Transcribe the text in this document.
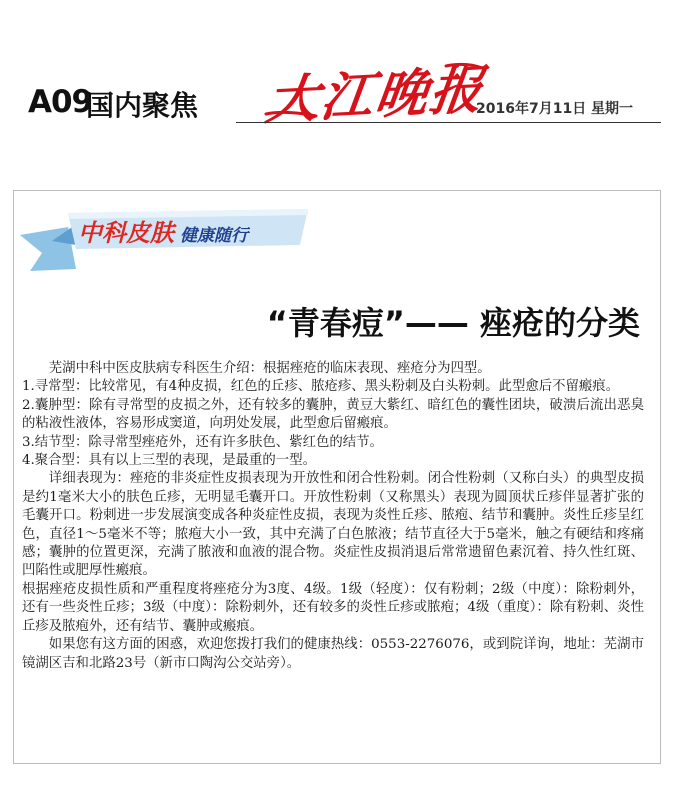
A09
国内聚焦 大江晚报
2016年7月11日 星期一
中科皮肤 健康随行
“青春痘”—— 痤疮的分类

芜湖中科中医皮肤病专科医生介绍：根据痤疮的临床表现、痤疮分为四型。

1.寻常型：比较常见，有4种皮损，红色的丘疹、脓疮疹、黑头粉刺及白头粉刺。此型愈后不留瘢痕。

2.囊肿型：除有寻常型的皮损之外，还有较多的囊肿，黄豆大紫红、暗红色的囊性团块，破溃后流出恶臭的粘液性液体，容易形成窦道，向玥处发展，此型愈后留瘢痕。

3.结节型：除寻常型痤疮外，还有许多肤色、紫红色的结节。

4.聚合型：具有以上三型的表现，是最重的一型。

详细表现为：痤疮的非炎症性皮损表现为开放性和闭合性粉刺。闭合性粉刺（又称白头）的典型皮损是约1毫米大小的肤色丘疹，无明显毛囊开口。开放性粉刺（又称黑头）表现为圆顶状丘疹伴显著扩张的毛囊开口。粉刺进一步发展演变成各种炎症性皮损，表现为炎性丘疹、脓疱、结节和囊肿。炎性丘疹呈红色，直径1～5毫米不等；脓疱大小一致，其中充满了白色脓液；结节直径大于5毫米，触之有硬结和疼痛感；囊肿的位置更深，充满了脓液和血液的混合物。炎症性皮损消退后常常遗留色素沉着、持久性红斑、凹陷性或肥厚性瘢痕。

根据痤疮皮损性质和严重程度将痤疮分为3度、4级。1级（轻度）：仅有粉刺；2级（中度）：除粉刺外，还有一些炎性丘疹；3级（中度）：除粉刺外，还有较多的炎性丘疹或脓疱；4级（重度）：除有粉刺、炎性丘疹及脓疱外，还有结节、囊肿或瘢痕。

如果您有这方面的困惑，欢迎您拨打我们的健康热线：0553-2276076，或到院详询，地址：芜湖市镜湖区吉和北路23号（新市口陶沟公交站旁）。
